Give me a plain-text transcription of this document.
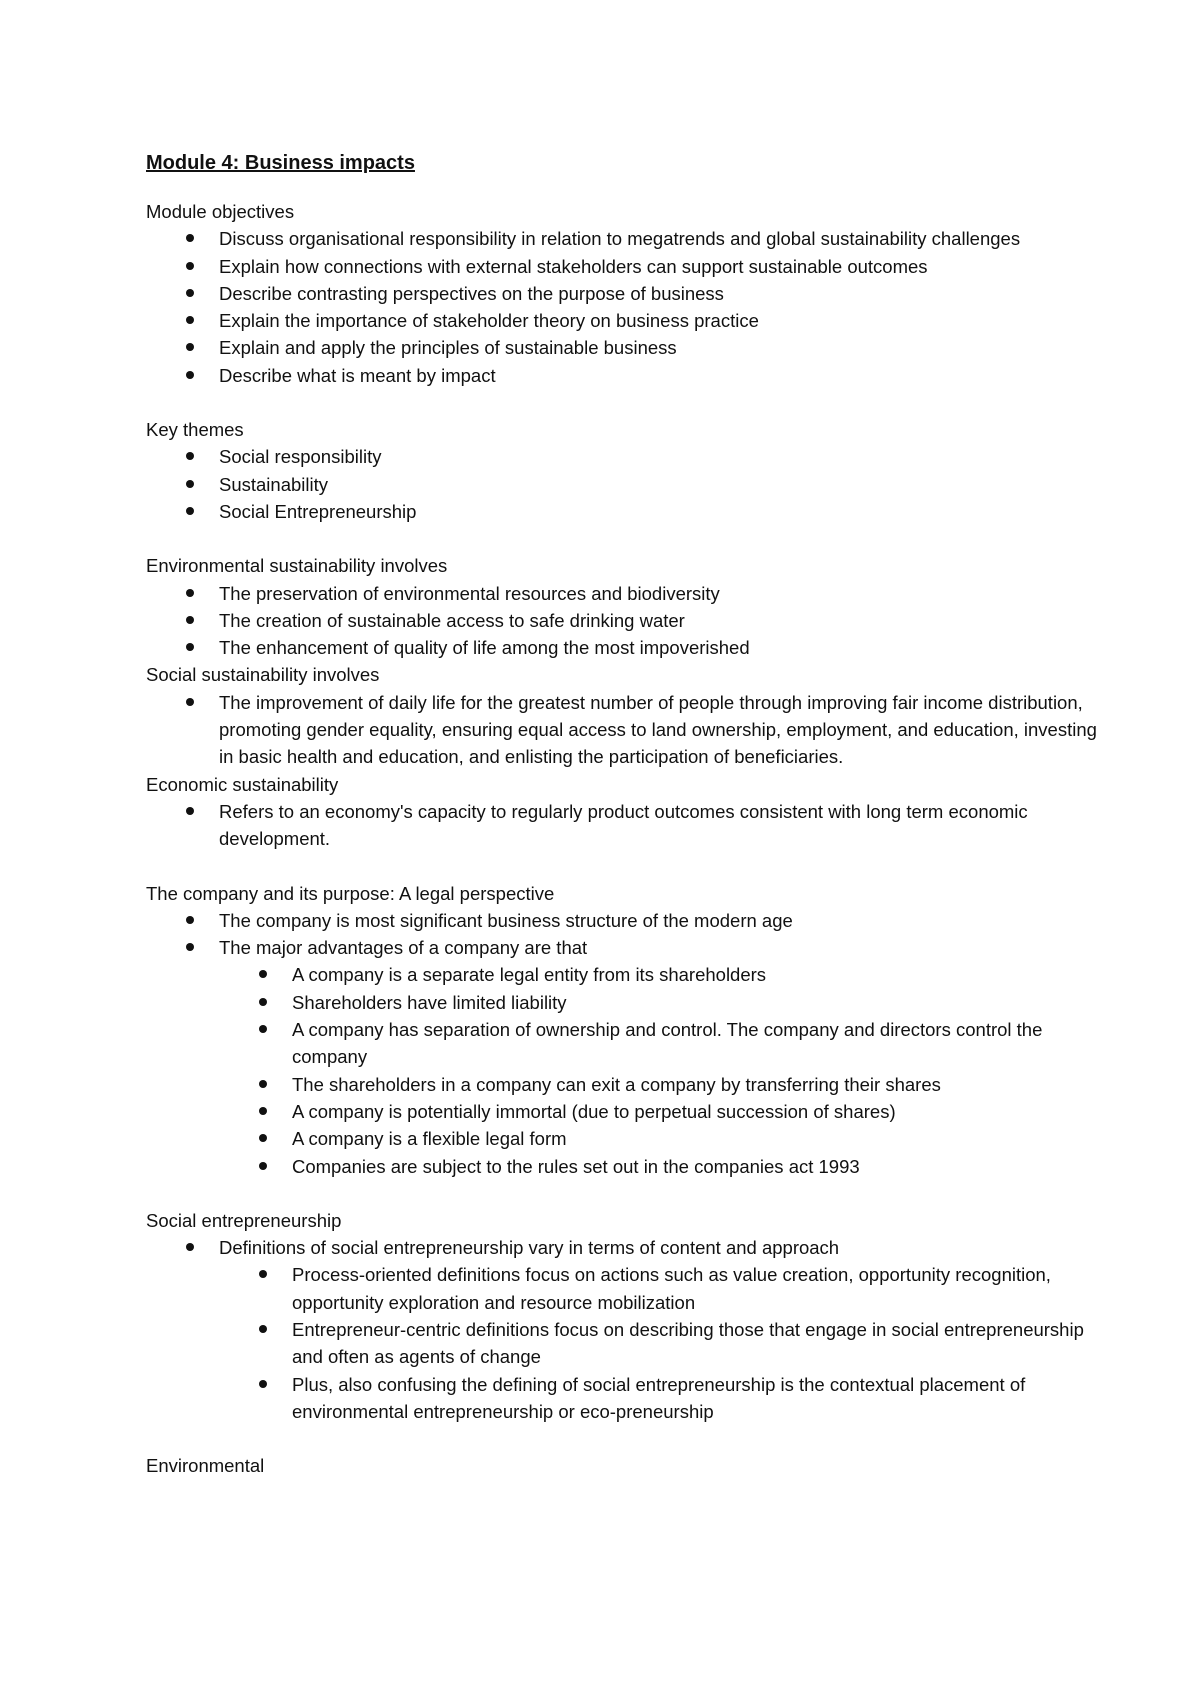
Module 4: Business impacts

Module objectives

Discuss organisational responsibility in relation to megatrends and global sustainability challenges
Explain how connections with external stakeholders can support sustainable outcomes
Describe contrasting perspectives on the purpose of business
Explain the importance of stakeholder theory on business practice
Explain and apply the principles of sustainable business
Describe what is meant by impact

Key themes

Social responsibility
Sustainability
Social Entrepreneurship

Environmental sustainability involves

The preservation of environmental resources and biodiversity
The creation of sustainable access to safe drinking water
The enhancement of quality of life among the most impoverished

Social sustainability involves

The improvement of daily life for the greatest number of people through improving fair income distribution, promoting gender equality, ensuring equal access to land ownership, employment, and education, investing in basic health and education, and enlisting the participation of beneficiaries.

Economic sustainability

Refers to an economy's capacity to regularly product outcomes consistent with long term economic development.

The company and its purpose: A legal perspective

The company is most significant business structure of the modern age
The major advantages of a company are that
A company is a separate legal entity from its shareholders
Shareholders have limited liability
A company has separation of ownership and control. The company and directors control the company
The shareholders in a company can exit a company by transferring their shares
A company is potentially immortal (due to perpetual succession of shares)
A company is a flexible legal form
Companies are subject to the rules set out in the companies act 1993

Social entrepreneurship

Definitions of social entrepreneurship vary in terms of content and approach
Process-oriented definitions focus on actions such as value creation, opportunity recognition, opportunity exploration and resource mobilization
Entrepreneur-centric definitions focus on describing those that engage in social entrepreneurship and often as agents of change
Plus, also confusing the defining of social entrepreneurship is the contextual placement of environmental entrepreneurship or eco-preneurship

Environmental
